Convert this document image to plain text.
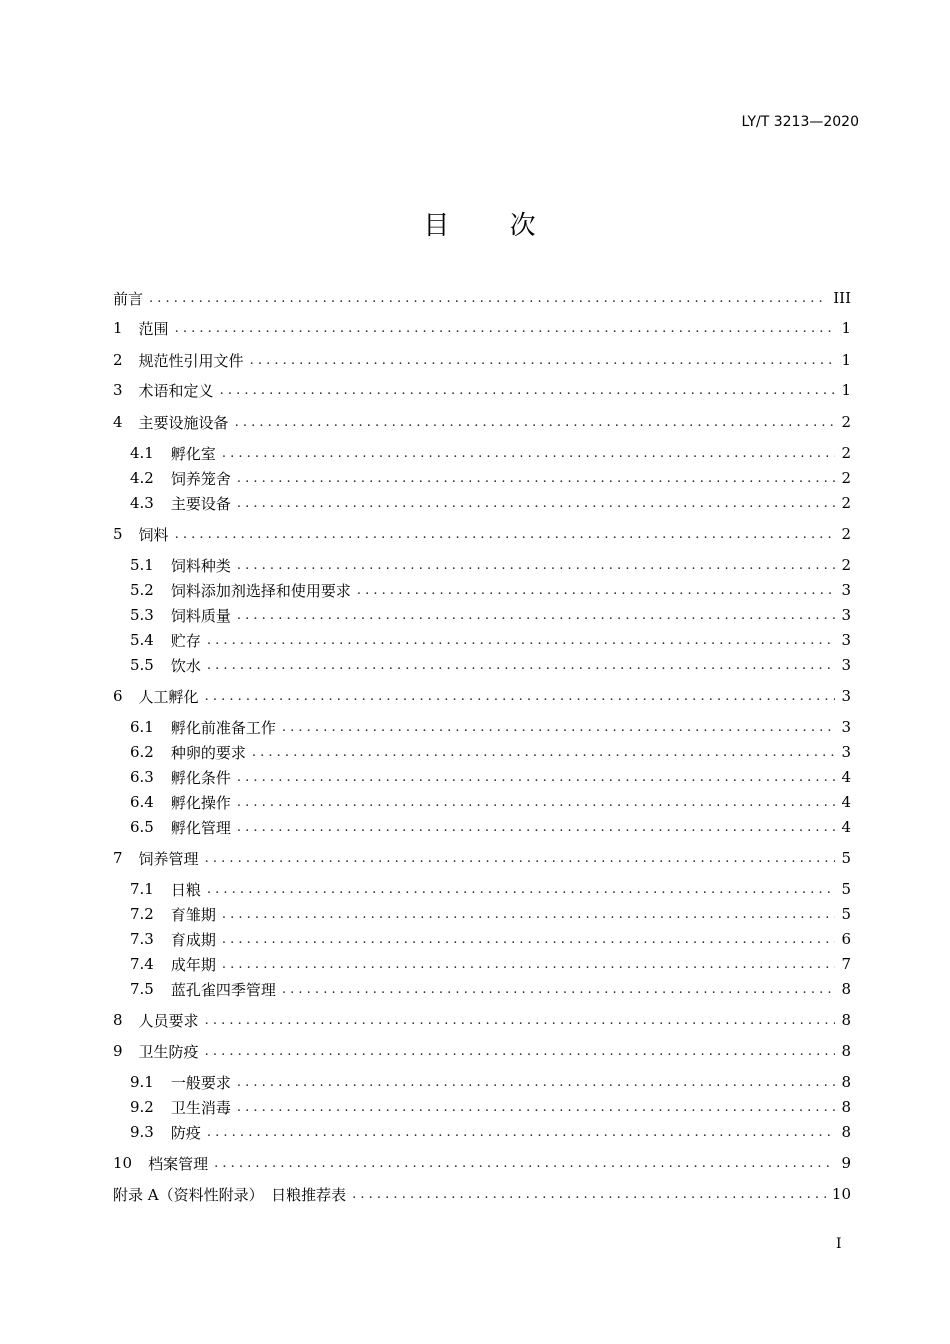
LY/T 3213—2020
目 次
前言 . . .	III
1 范围 . . .	1
2 规范性引用文件 . . .	1
3 术语和定义 . . .	1
4 主要设施设备 . . .	2
4.1 孵化室 . . .	2
4.2 饲养笼舍 . . .	2
4.3 主要设备 . . .	2
5 饲料 . . .	2
5.1 饲料种类 . . .	2
5.2 饲料添加剂选择和使用要求 . . .	3
5.3 饲料质量 . . .	3
5.4 贮存 . . .	3
5.5 饮水 . . .	3
6 人工孵化 . . .	3
6.1 孵化前准备工作 . . .	3
6.2 种卵的要求 . . .	3
6.3 孵化条件 . . .	4
6.4 孵化操作 . . .	4
6.5 孵化管理 . . .	4
7 饲养管理 . . .	5
7.1 日粮 . . .	5
7.2 育雏期 . . .	5
7.3 育成期 . . .	6
7.4 成年期 . . .	7
7.5 蓝孔雀四季管理 . . .	8
8 人员要求 . . .	8
9 卫生防疫 . . .	8
9.1 一般要求 . . .	8
9.2 卫生消毒 . . .	8
9.3 防疫 . . .	8
10 档案管理 . . .	9
附录 A（资料性附录）　日粮推荐表 . . .	10
I
